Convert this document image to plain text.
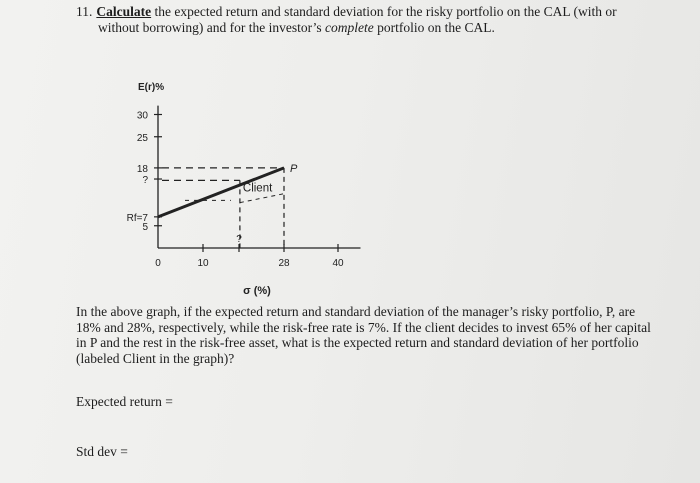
11. Calculate the expected return and standard deviation for the risky portfolio on the CAL (with or
without borrowing) and for the investor’s complete portfolio on the CAL.
30
25
18
?
Rf=7
5
0	10
?
28	40
P
Client
E(r)%
σ (%)
In the above graph, if the expected return and standard deviation of the manager’s risky portfolio, P, are
18% and 28%, respectively, while the risk-free rate is 7%. If the client decides to invest 65% of her capital
in P and the rest in the risk-free asset, what is the expected return and standard deviation of her portfolio
(labeled Client in the graph)?
Expected return =
Std dev =
